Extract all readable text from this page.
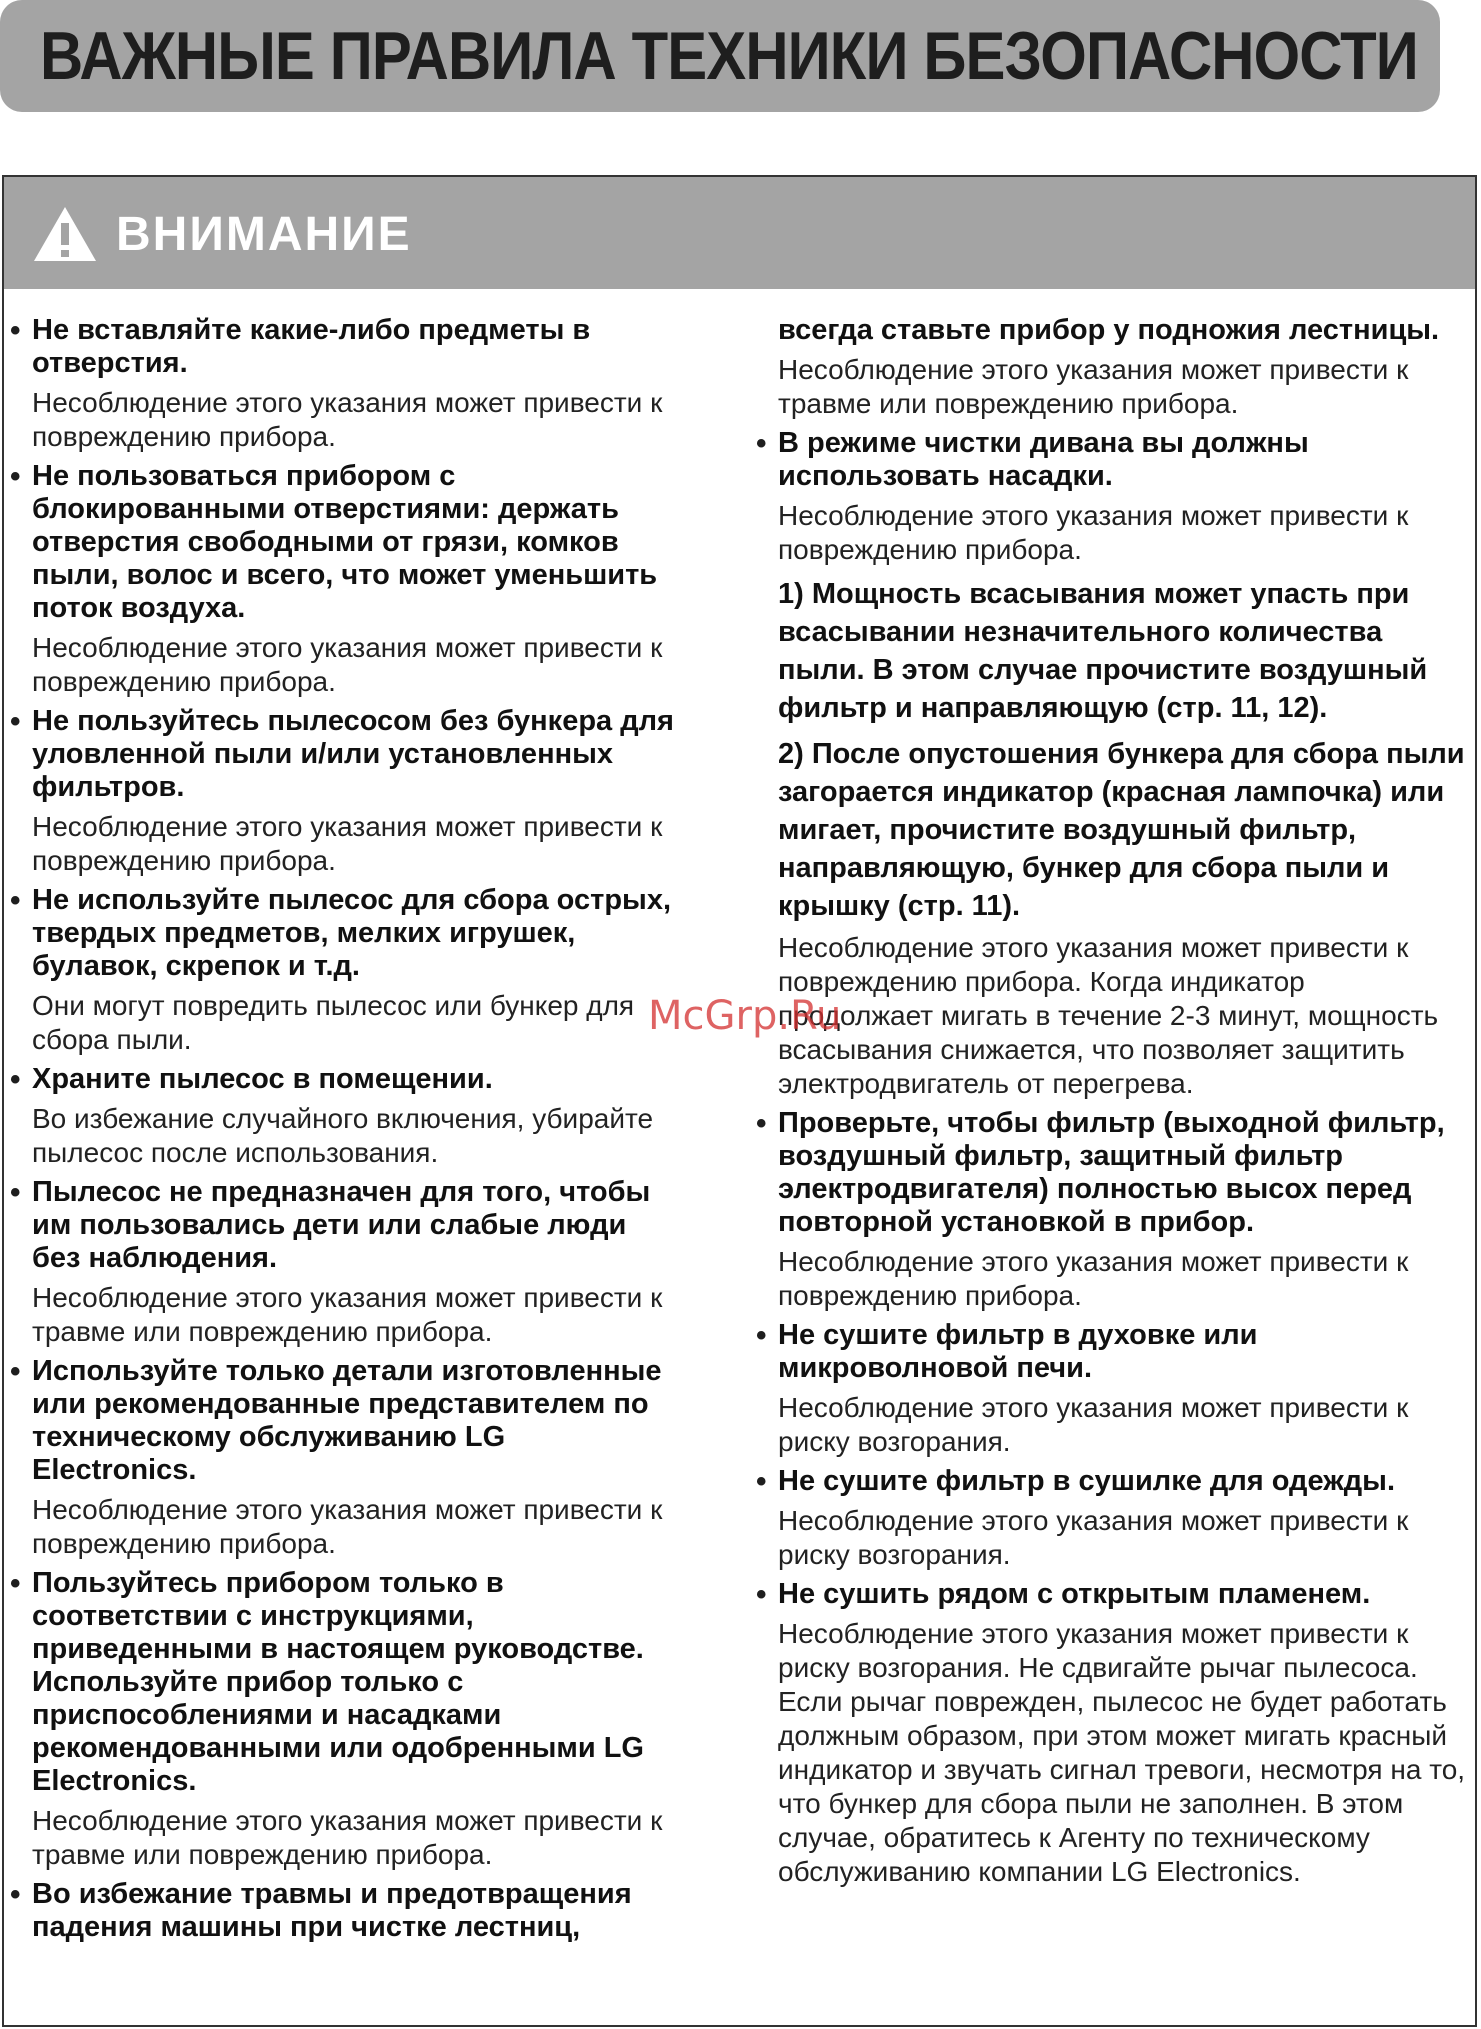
ВАЖНЫЕ ПРАВИЛА ТЕХНИКИ БЕЗОПАСНОСТИ
ВНИМАНИЕ
• Не вставляйте какие-либо предметы в отверстия.
Несоблюдение этого указания может привести к повреждению прибора.
• Не пользоваться прибором с блокированными отверстиями: держать отверстия свободными от грязи, комков пыли, волос и всего, что может уменьшить поток воздуха.
Несоблюдение этого указания может привести к повреждению прибора.
• Не пользуйтесь пылесосом без бункера для уловленной пыли и/или установленных фильтров.
Несоблюдение этого указания может привести к повреждению прибора.
• Не используйте пылесос для сбора острых, твердых предметов, мелких игрушек, булавок, скрепок и т.д.
Они могут повредить пылесос или бункер для сбора пыли.
• Храните пылесос в помещении.
Во избежание случайного включения, убирайте пылесос после использования.
• Пылесос не предназначен для того, чтобы им пользовались дети или слабые люди без наблюдения.
Несоблюдение этого указания может привести к травме или повреждению прибора.
• Используйте только детали изготовленные или рекомендованные представителем по техническому обслуживанию LG Electronics.
Несоблюдение этого указания может привести к повреждению прибора.
• Пользуйтесь прибором только в соответствии с инструкциями, приведенными в настоящем руководстве. Используйте прибор только с приспособлениями и насадками рекомендованными или одобренными LG Electronics.
Несоблюдение этого указания может привести к травме или повреждению прибора.
• Во избежание травмы и предотвращения падения машины при чистке лестниц,
всегда ставьте прибор у подножия лестницы.
Несоблюдение этого указания может привести к травме или повреждению прибора.
• В режиме чистки дивана вы должны использовать насадки.
Несоблюдение этого указания может привести к повреждению прибора.
1) Мощность всасывания может упасть при всасывании незначительного количества пыли. В этом случае прочистите воздушный фильтр и направляющую (стр. 11, 12).
2) После опустошения бункера для сбора пыли загорается индикатор (красная лампочка) или мигает, прочистите воздушный фильтр, направляющую, бункер для сбора пыли и крышку (стр. 11).
Несоблюдение этого указания может привести к повреждению прибора. Когда индикатор продолжает мигать в течение 2-3 минут, мощность всасывания снижается, что позволяет защитить электродвигатель от перегрева.
• Проверьте, чтобы фильтр (выходной фильтр, воздушный фильтр, защитный фильтр электродвигателя) полностью высох перед повторной установкой в прибор.
Несоблюдение этого указания может привести к повреждению прибора.
• Не сушите фильтр в духовке или микроволновой печи.
Несоблюдение этого указания может привести к риску возгорания.
• Не сушите фильтр в сушилке для одежды.
Несоблюдение этого указания может привести к риску возгорания.
• Не сушить рядом с открытым пламенем.
Несоблюдение этого указания может привести к риску возгорания. Не сдвигайте рычаг пылесоса. Если рычаг поврежден, пылесос не будет работать должным образом, при этом может мигать красный индикатор и звучать сигнал тревоги, несмотря на то, что бункер для сбора пыли не заполнен. В этом случае, обратитесь к Агенту по техническому обслуживанию компании LG Electronics.
McGrp.Ru
